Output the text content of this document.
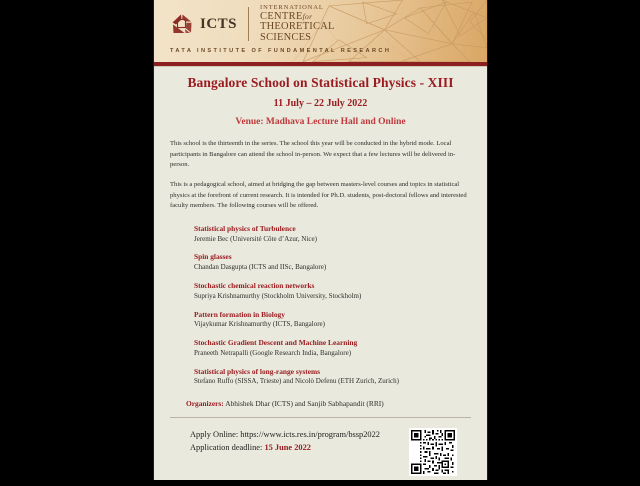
ICTS
INTERNATIONAL
CENTREfor
THEORETICAL
SCIENCES
TATA INSTITUTE OF FUNDAMENTAL RESEARCH
Bangalore School on Statistical Physics - XIII
11 July – 22 July 2022
Venue: Madhava Lecture Hall and Online
This school is the thirteenth in the series. The school this year will be conducted in the hybrid mode. Local participants in Bangalore can attend the school in-person. We expect that a few lectures will be delivered in-person.
This is a pedagogical school, aimed at bridging the gap between masters-level courses and topics in statistical physics at the forefront of current research. It is intended for Ph.D. students, post-doctoral fellows and interested faculty members. The following courses will be offered.
Statistical physics of Turbulence
Jeremie Bec (Université Côte d’Azur, Nice)
Spin glasses
Chandan Dasgupta (ICTS and IISc, Bangalore)
Stochastic chemical reaction networks
Supriya Krishnamurthy (Stockholm University, Stockholm)
Pattern formation in Biology
Vijaykumar Krishnamurthy (ICTS, Bangalore)
Stochastic Gradient Descent and Machine Learning
Praneeth Netrapalli (Google Research India, Bangalore)
Statistical physics of long-range systems
Stefano Ruffo (SISSA, Trieste) and Nicolò Defenu (ETH Zurich, Zurich)
Organizers: Abhishek Dhar (ICTS) and Sanjib Sabhapandit (RRI)
Apply Online: https://www.icts.res.in/program/bssp2022
Application deadline: 15 June 2022
